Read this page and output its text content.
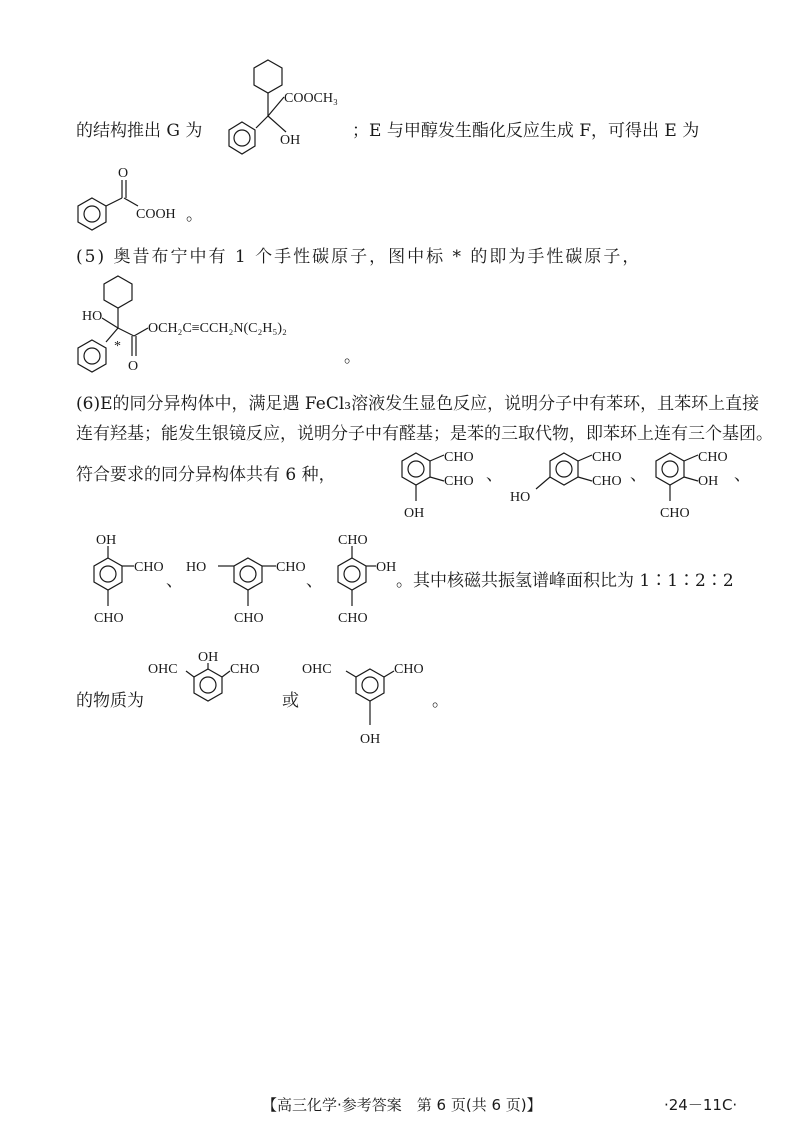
的结构推出 G 为	；E 与甲醇发生酯化反应生成 F，可得出 E 为
COOCH₃
OH
O
COOH 。
(5) 奥昔布宁中有 1 个手性碳原子，图中标 * 的即为手性碳原子，
HO
*
O
OCH₂C≡CCH₂N(C₂H₅)₂
。
(6)E的同分异构体中，满足遇 FeCl₃溶液发生显色反应，说明分子中有苯环，且苯环上直接
连有羟基；能发生银镜反应，说明分子中有醛基；是苯的三取代物，即苯环上连有三个基团。
符合要求的同分异构体共有 6 种，
CHO
CHO
OH
、
CHO
CHO
HO
、
CHO
OH
CHO
、
OH
CHO
CHO
、
HO	CHO
CHO
、
CHO
OH
CHO
。其中核磁共振氢谱峰面积比为 1∶1∶2∶2
的物质为
OHC
OH
CHO
或
OHC	CHO
OH
。
【高三化学·参考答案　第 6 页(共 6 页)】	·24－11C·
